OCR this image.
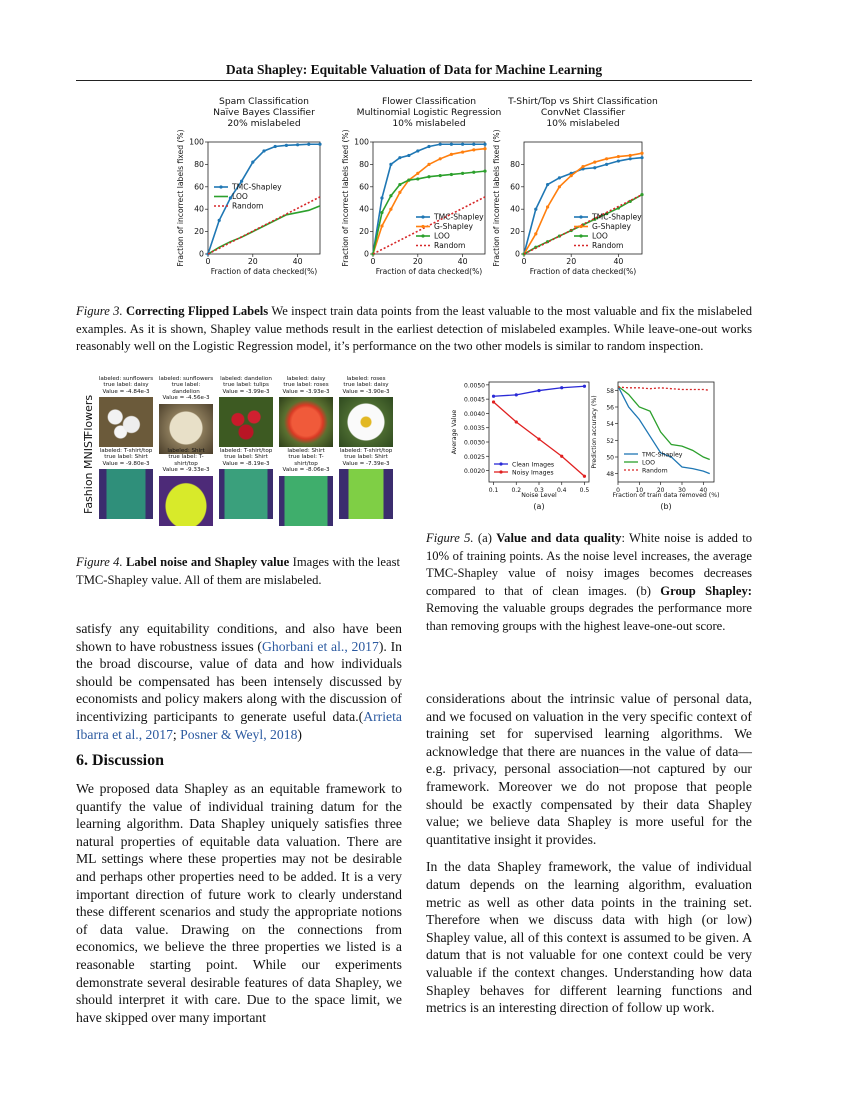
Data Shapley: Equitable Valuation of Data for Machine Learning
Spam Classification
Naïve Bayes Classifier
20% mislabeled
0	20	40
0
20
40
60
80
100
Fraction of data checked(%)
Fraction of incorrect labels fixed (%)	TMC-Shapley
LOO
Random
Flower Classification
Multinomial Logistic Regression
10% mislabeled
0	20	40
0
20
40
60
80
100
Fraction of data checked(%)
Fraction of incorrect labels fixed (%)	TMC-Shapley
G-Shapley
LOO
Random
T-Shirt/Top vs Shirt Classification
ConvNet Classifier
10% mislabeled
0	20	40
0
20
40
60
80
Fraction of data checked(%)
Fraction of incorrect labels fixed (%)	TMC-Shapley
G-Shapley
LOO
Random
Figure 3. Correcting Flipped Labels We inspect train data points from the least valuable to the most valuable and fix the mislabeled examples. As it is shown, Shapley value methods result in the earliest detection of mislabeled examples. While leave-one-out works reasonably well on the Logistic Regression model, it’s performance on the two other models is similar to random inspection.
Flowers
Fashion MNIST
labeled: sunflowers
true label: daisy
Value = -4.84e-3
labeled: sunflowers
true label: dandelion
Value = -4.56e-3
labeled: dandelion
true label: tulips
Value = -3.99e-3
labeled: daisy
true label: roses
Value = -3.93e-3
labeled: roses
true label: daisy
Value = -3.90e-3
labeled: T-shirt/top
true label: Shirt
Value = -9.80e-3
labeled: Shirt
true label: T-shirt/top
Value = -9.33e-3
labeled: T-shirt/top
true label: Shirt
Value = -8.19e-3
labeled: Shirt
true label: T-shirt/top
Value = -8.06e-3
labeled: T-shirt/top
true label: Shirt
Value = -7.39e-3
Figure 4. Label noise and Shapley value Images with the least TMC-Shapley value. All of them are mislabeled.
0.1 0.2 0.3 0.4 0.5
0.0020
0.0025
0.0030
0.0035
0.0040
0.0045
0.0050
Noise Level
Average Value
(a)
Clean Images
Noisy Images
0	10 20 30 40
48
50
52
54
56
58
Fraction of train data removed (%)
Prediction accuracy (%)
(b)
TMC-Shapley
LOO
Random
Figure 5. (a) Value and data quality: White noise is added to 10% of training points. As the noise level increases, the average TMC-Shapley value of noisy images becomes decreases compared to that of clean images. (b) Group Shapley: Removing the valuable groups degrades the performance more than removing groups with the highest leave-one-out score.

satisfy any equitability conditions, and also have been shown to have robustness issues (Ghorbani et al., 2017). In the broad discourse, value of data and how individuals should be compensated has been intensely discussed by economists and policy makers along with the discussion of incentivizing participants to generate useful data.(Arrieta Ibarra et al., 2017; Posner & Weyl, 2018)

6. Discussion

We proposed data Shapley as an equitable framework to quantify the value of individual training datum for the learning algorithm. Data Shapley uniquely satisfies three natural properties of equitable data valuation. There are ML settings where these properties may not be desirable and perhaps other properties need to be added. It is a very important direction of future work to clearly understand these different scenarios and study the appropriate notions of data value. Drawing on the connections from economics, we believe the three properties we listed is a reasonable starting point. While our experiments demonstrate several desirable features of data Shapley, we should interpret it with care. Due to the space limit, we have skipped over many important

considerations about the intrinsic value of personal data, and we focused on valuation in the very specific context of training set for supervised learning algorithms. We acknowledge that there are nuances in the value of data—e.g. privacy, personal association—not captured by our framework. Moreover we do not propose that people should be exactly compensated by their data Shapley value; we believe data Shapley is more useful for the quantitative insight it provides.

In the data Shapley framework, the value of individual datum depends on the learning algorithm, evaluation metric as well as other data points in the training set. Therefore when we discuss data with high (or low) Shapley value, all of this context is assumed to be given. A datum that is not valuable for one context could be very valuable if the context changes. Understanding how data Shapley behaves for different learning functions and metrics is an interesting direction of follow up work.
